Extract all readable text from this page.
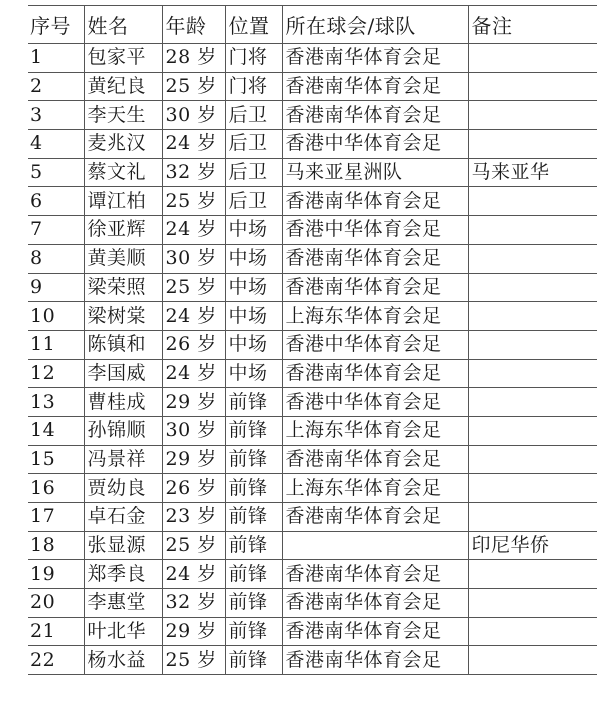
序号	姓名	年龄	位置	所在球会/球队	备注
1	包家平	28 岁	门将	香港南华体育会足	
2	黄纪良	25 岁	门将	香港南华体育会足	
3	李天生	30 岁	后卫	香港南华体育会足	
4	麦兆汉	24 岁	后卫	香港中华体育会足	
5	蔡文礼	32 岁	后卫	马来亚星洲队	马来亚华
6	谭江柏	25 岁	后卫	香港南华体育会足	
7	徐亚辉	24 岁	中场	香港中华体育会足	
8	黄美顺	30 岁	中场	香港南华体育会足	
9	梁荣照	25 岁	中场	香港南华体育会足	
10	梁树棠	24 岁	中场	上海东华体育会足	
11	陈镇和	26 岁	中场	香港中华体育会足	
12	李国威	24 岁	中场	香港南华体育会足	
13	曹桂成	29 岁	前锋	香港中华体育会足	
14	孙锦顺	30 岁	前锋	上海东华体育会足	
15	冯景祥	29 岁	前锋	香港南华体育会足	
16	贾幼良	26 岁	前锋	上海东华体育会足	
17	卓石金	23 岁	前锋	香港南华体育会足	
18	张显源	25 岁	前锋		印尼华侨
19	郑季良	24 岁	前锋	香港南华体育会足	
20	李惠堂	32 岁	前锋	香港南华体育会足	
21	叶北华	29 岁	前锋	香港南华体育会足	
22	杨水益	25 岁	前锋	香港南华体育会足	
